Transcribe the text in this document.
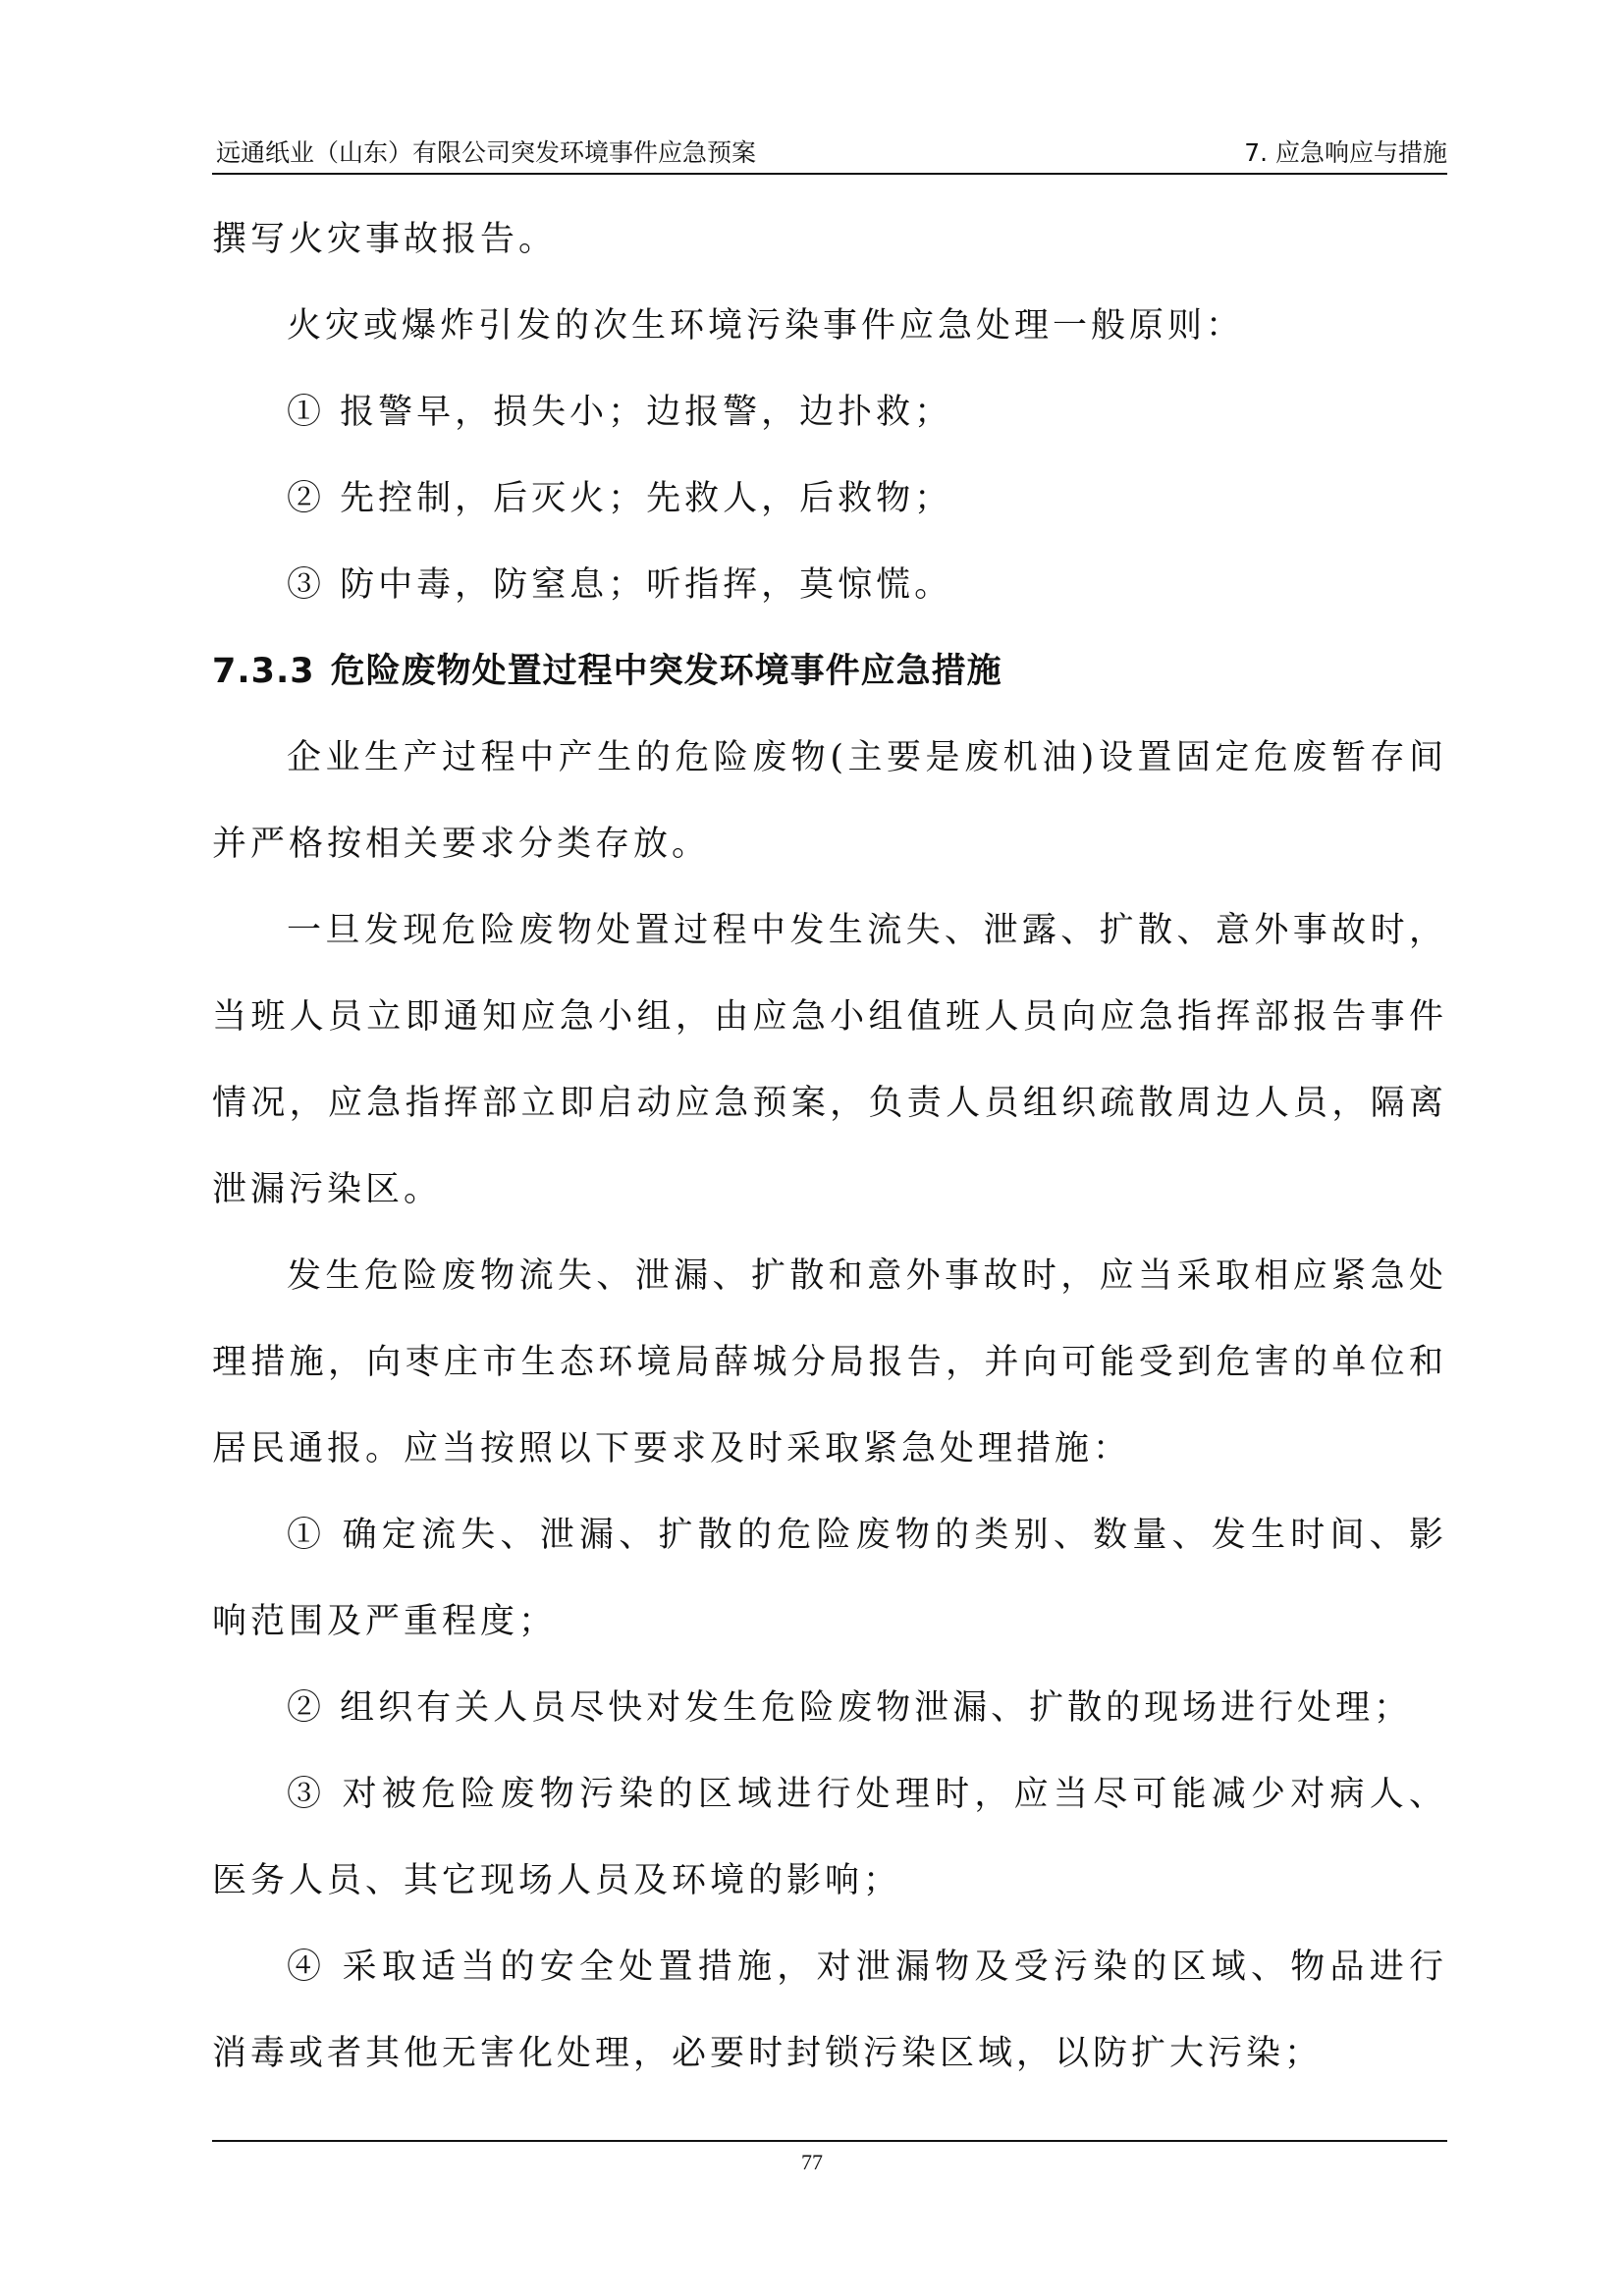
远通纸业（山东）有限公司突发环境事件应急预案	7. 应急响应与措施

撰写火灾事故报告。

火灾或爆炸引发的次生环境污染事件应急处理一般原则：

① 报警早，损失小；边报警，边扑救；

② 先控制，后灭火；先救人，后救物；

③ 防中毒，防窒息；听指挥，莫惊慌。

7.3.3 危险废物处置过程中突发环境事件应急措施

企业生产过程中产生的危险废物(主要是废机油)设置固定危废暂存间并严格按相关要求分类存放。

一旦发现危险废物处置过程中发生流失、泄露、扩散、意外事故时，当班人员立即通知应急小组，由应急小组值班人员向应急指挥部报告事件情况，应急指挥部立即启动应急预案，负责人员组织疏散周边人员，隔离泄漏污染区。

发生危险废物流失、泄漏、扩散和意外事故时，应当采取相应紧急处理措施，向枣庄市生态环境局薛城分局报告，并向可能受到危害的单位和居民通报。应当按照以下要求及时采取紧急处理措施：

① 确定流失、泄漏、扩散的危险废物的类别、数量、发生时间、影响范围及严重程度；

② 组织有关人员尽快对发生危险废物泄漏、扩散的现场进行处理；

③ 对被危险废物污染的区域进行处理时，应当尽可能减少对病人、医务人员、其它现场人员及环境的影响；

④ 采取适当的安全处置措施，对泄漏物及受污染的区域、物品进行消毒或者其他无害化处理，必要时封锁污染区域，以防扩大污染；

77
